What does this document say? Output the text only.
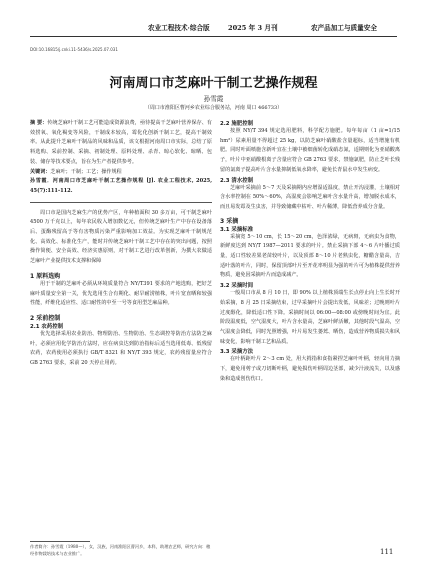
农业工程技术·综合版	2025 年 3 月刊	农产品加工与质量安全
DOI:10.16815/j.cnki.11-5436/s.2025.07.031
河南周口市芝麻叶干制工艺操作规程
孙雪霞
（周口市淮阳区曹河乡农业综合服务站，河南 周口 466733）
摘 要：传统芝麻叶干制工艺可能造成资源浪费，亟待提高干芝麻叶营养保存、有效捞氧、氧化褐变等风险，干制成本较高，霉化化创新干制工艺，提高干制效率。从此提升芝麻叶干制品的风味和品质，该文根据河南周口市实际，总结了原料选购、采前控制、采摘、初制处理、原料处理、杀青、晾心软化、晾晒、包装、储存等技术要点，旨在为生产者提供参考。
关键词：芝麻叶；干制；工艺；操作规程
孙雪霞．河南周口市芝麻叶干制工艺操作规程 [J]. 农业工程技术, 2025, 45(7):111-112.
周口市是国内芝麻生产的优势产区，年种植面积 30 多万亩，可干制芝麻叶 4500 万千克以上，每年农民收入增加数亿元，但传统芝麻叶生产中存在设备落后、蛋酶残留高于等有害物质污染严重影响加工效益。为实现芝麻叶干制规范化、高效化、标准化生产，能时并传统芝麻叶干制工艺中存在的突出问题，按照操作简便、安全高效、经济实惠原则，对干制工艺进行改革创新，为撰大农做适芝麻叶产业提供技术支撑和保障
1 原料选购
用于干制的芝麻叶必须从环境质量符合 NY/T391 要求的产地选购，把好芝麻叶质量安全第一关，优先选用生合有期化、耐旱耐涝植株，叶片宽直晒和较强性能，纤维化适应性、适口耐性的中至一号等食用型芝麻品种。
2 采前控制
2.1 农药控制
优先选择采用农业防治、物理防治、生物防治、生态调控等防治方法防芝麻叶，必须应用化学防治方法时，应在病虫达到防治指标后适当选用低毒、低残留农药，农药使用必须执行 GB/T 8321 和 NY/T 393 规定，农药残留量应符合 GB 2763 要求，采前 20 天停止用药。
2.2 施肥控制
按照 NY/T 394 规定选用肥料，科学配方施肥。每年每亩（1 亩=1/15 hm²）尿素用量不得超过 25 kg，以防芝麻叶硝酸盐含量超标，适当增施有机肥。同时叶面喷施含新叶宜在土壤中被细菌转化成硝态氮，适期则化为亚硝酸离子，叶片中亚硝酸根离子含量应符合 GB 2763 要求，禁施氯肥，防止芝叶长残留的氯离子提高叶片含水量抑制低氧水降率，避免长青鼠水中发生病变。
2.3 清水控制
芝麻叶采摘前 5～7 天及采摘期内应增湿适温度，禁止开沟浸灌，土壤相对含水率控制在 50%～60%，高湿度会影响芝麻叶含水量升高，增加脱水成本，而且易发霉及生虫害，并导致储藏中枯叶、叶片稀薄，降低营养成分含量。
3 采摘
3.1 采摘标准
采摘宽 5～10 cm，长 15～20 cm，色泽浓绿，无病斑，无病虫为食物，新鲜度达到 NY/T 1987—2011 要求的叶片。禁止采摘下部 4～6 片叶播过质量，适口性较差果老苗较叶片，以及顶部 8～10 片老熟虫化，糖醋含量高，吉适叶落的叶片，同时，保留顶部叶片至开花率明显为强的叶片可为植株提供营养物质，避免因采摘叶片而造成减产。
3.2 采摘时间
一般周口市从 8 月 10 日，即 90% 以上植株顶端生长点停止向上生长时开始采摘，8 月 25 日采摘结束，过早采摘叶片会提出发低，风味差；过晚则叶片过度醇化，降低适口性下降。采摘时间以 06:00—08:00 或傍晚时间为宜。此阶段温度低，空气湿度大，叶片含水量高，芝麻叶鲜活嫩，其他时段气温高，空气湿度会降低，同时光照增强，叶片易发生萎蔫、晒伤，造成营养物质损失和风味变化，影响干制工艺和品质。
3.3 采摘方法
在叶柄距叶片 2～3 cm 处，用大拇指和食指紧捏芝麻叶叶柄，轻向用力摘下，避免用剪子或刀切断叶柄，避免损伤叶柄周边茎部，减少汁液流失，以及感染和造成创伤伤口。
作者简介：孙雪霞（1980—），女，汉族，河南淮阳区曹河乡，本科，助理农艺师，研究方向：粮经作物栽培技术与农业推广。	111
